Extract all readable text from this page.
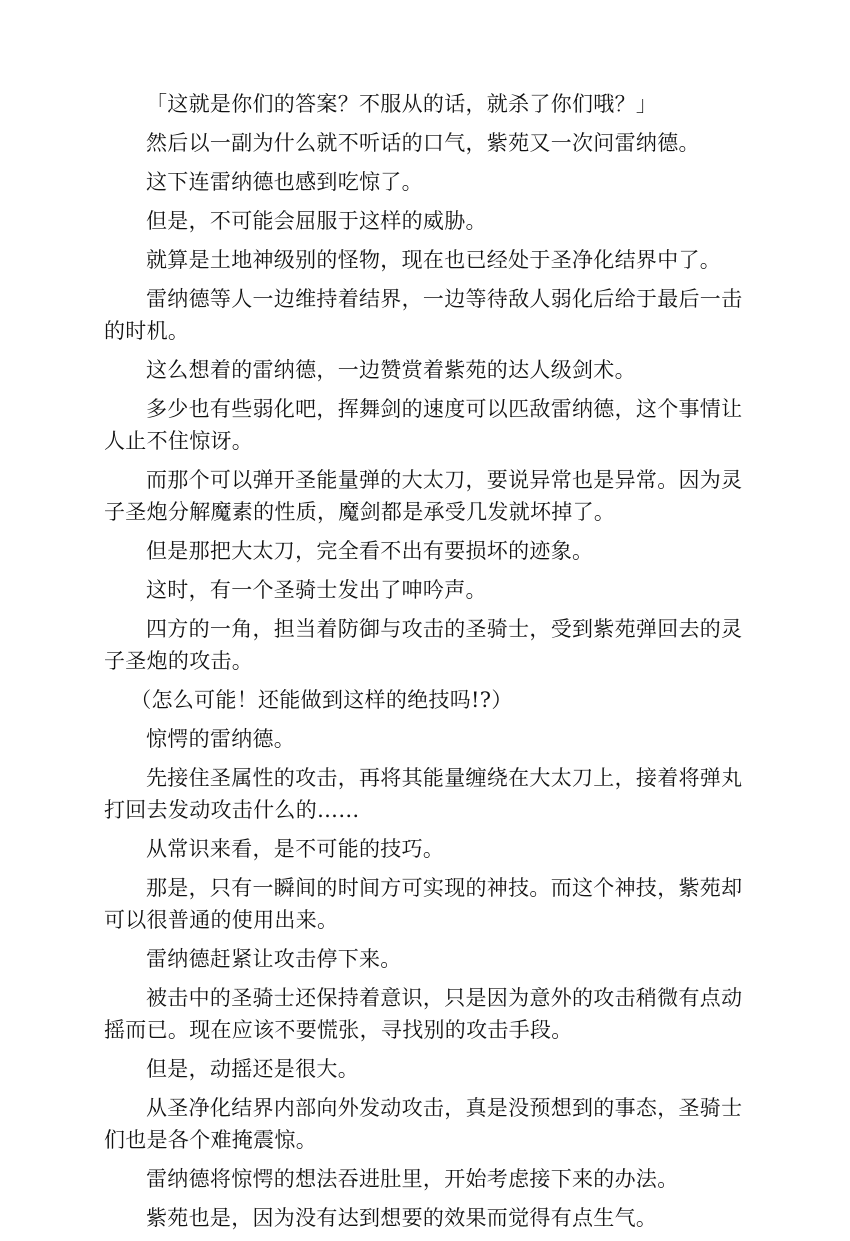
「这就是你们的答案？不服从的话，就杀了你们哦？」

然后以一副为什么就不听话的口气，紫苑又一次问雷纳德。

这下连雷纳德也感到吃惊了。

但是，不可能会屈服于这样的威胁。

就算是土地神级别的怪物，现在也已经处于圣净化结界中了。

雷纳德等人一边维持着结界，一边等待敌人弱化后给于最后一击的时机。

这么想着的雷纳德，一边赞赏着紫苑的达人级剑术。

多少也有些弱化吧，挥舞剑的速度可以匹敌雷纳德，这个事情让人止不住惊讶。

而那个可以弹开圣能量弹的大太刀，要说异常也是异常。因为灵子圣炮分解魔素的性质，魔剑都是承受几发就坏掉了。

但是那把大太刀，完全看不出有要损坏的迹象。

这时，有一个圣骑士发出了呻吟声。

四方的一角，担当着防御与攻击的圣骑士，受到紫苑弹回去的灵子圣炮的攻击。

（怎么可能！还能做到这样的绝技吗!?）

惊愕的雷纳德。

先接住圣属性的攻击，再将其能量缠绕在大太刀上，接着将弹丸打回去发动攻击什么的……

从常识来看，是不可能的技巧。

那是，只有一瞬间的时间方可实现的神技。而这个神技，紫苑却可以很普通的使用出来。

雷纳德赶紧让攻击停下来。

被击中的圣骑士还保持着意识，只是因为意外的攻击稍微有点动摇而已。现在应该不要慌张，寻找别的攻击手段。

但是，动摇还是很大。

从圣净化结界内部向外发动攻击，真是没预想到的事态，圣骑士们也是各个难掩震惊。

雷纳德将惊愕的想法吞进肚里，开始考虑接下来的办法。

紫苑也是，因为没有达到想要的效果而觉得有点生气。
